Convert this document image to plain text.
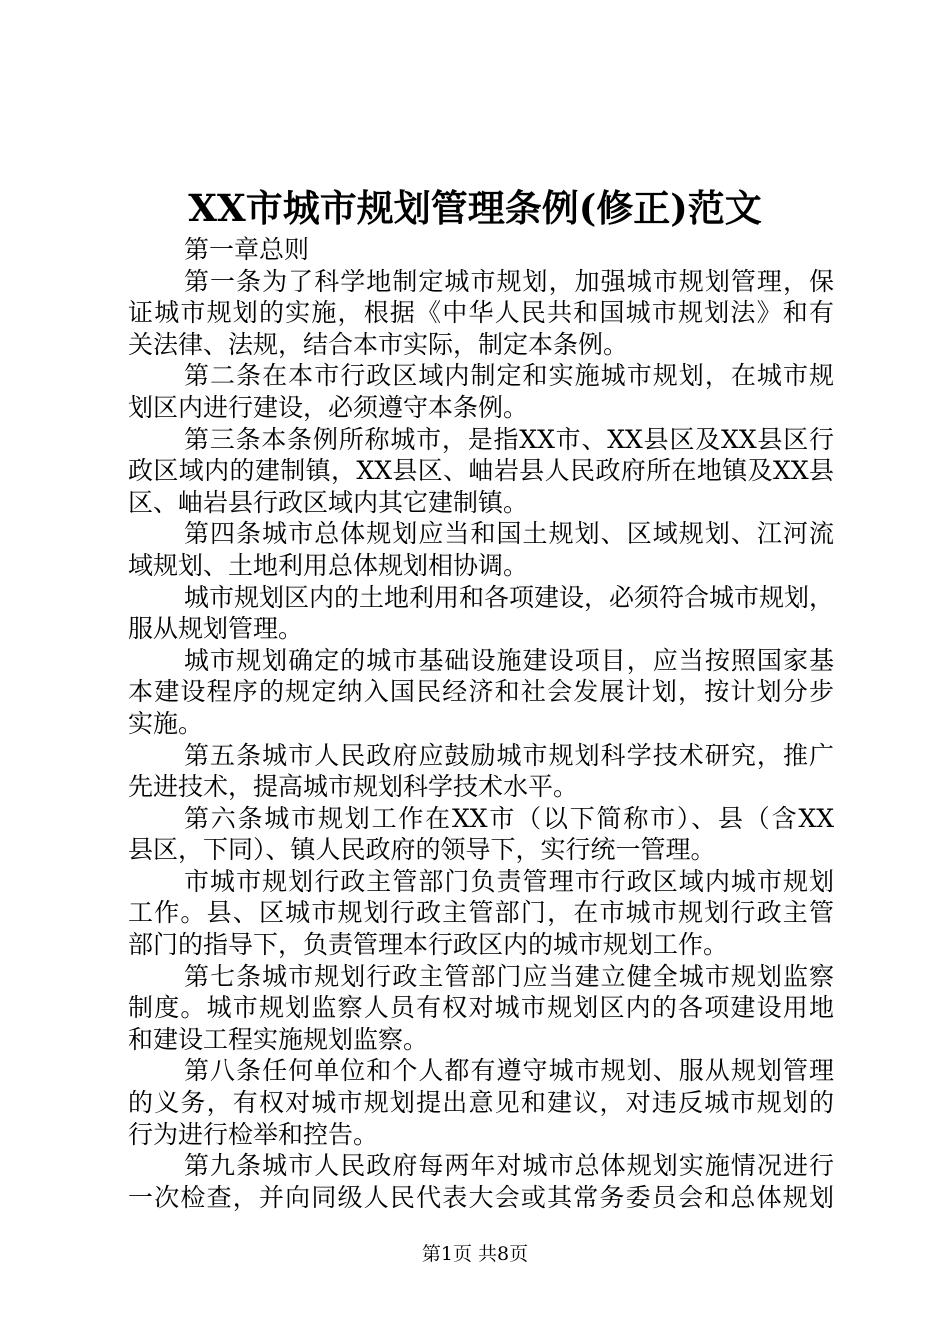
XX市城市规划管理条例(修正)范文
第一章总则
第一条为了科学地制定城市规划，加强城市规划管理，保
证城市规划的实施，根据《中华人民共和国城市规划法》和有
关法律、法规，结合本市实际，制定本条例。
第二条在本市行政区域内制定和实施城市规划，在城市规
划区内进行建设，必须遵守本条例。
第三条本条例所称城市，是指XX市、XX县区及XX县区行
政区域内的建制镇，XX县区、岫岩县人民政府所在地镇及XX县
区、岫岩县行政区域内其它建制镇。
第四条城市总体规划应当和国土规划、区域规划、江河流
域规划、土地利用总体规划相协调。
城市规划区内的土地利用和各项建设，必须符合城市规划，
服从规划管理。
城市规划确定的城市基础设施建设项目，应当按照国家基
本建设程序的规定纳入国民经济和社会发展计划，按计划分步
实施。
第五条城市人民政府应鼓励城市规划科学技术研究，推广
先进技术，提高城市规划科学技术水平。
第六条城市规划工作在XX市（以下简称市）、县（含XX
县区，下同）、镇人民政府的领导下，实行统一管理。
市城市规划行政主管部门负责管理市行政区域内城市规划
工作。县、区城市规划行政主管部门，在市城市规划行政主管
部门的指导下，负责管理本行政区内的城市规划工作。
第七条城市规划行政主管部门应当建立健全城市规划监察
制度。城市规划监察人员有权对城市规划区内的各项建设用地
和建设工程实施规划监察。
第八条任何单位和个人都有遵守城市规划、服从规划管理
的义务，有权对城市规划提出意见和建议，对违反城市规划的
行为进行检举和控告。
第九条城市人民政府每两年对城市总体规划实施情况进行
一次检查，并向同级人民代表大会或其常务委员会和总体规划
第1页 共8页
